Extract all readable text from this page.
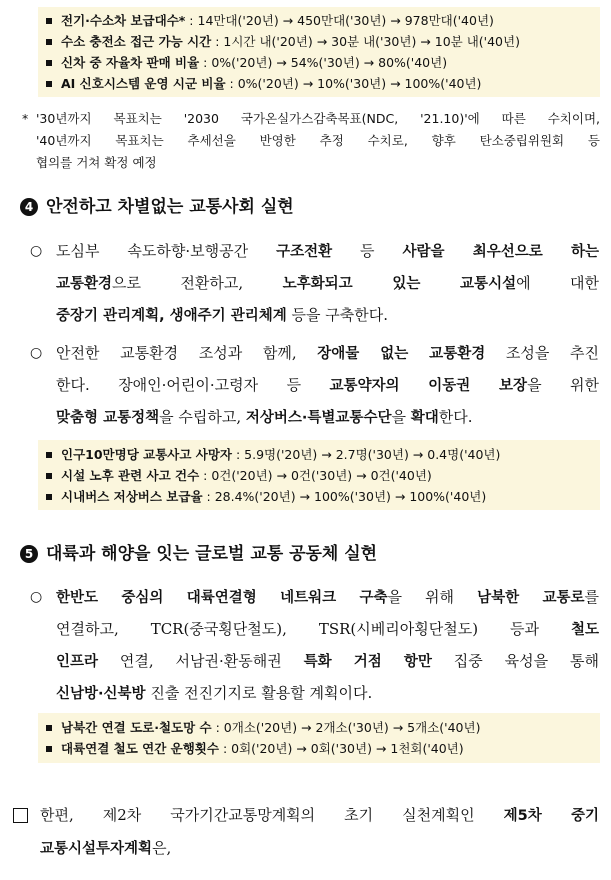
전기·수소차 보급대수* : 14만대('20년) → 450만대('30년) → 978만대('40년)
수소 충전소 접근 가능 시간 : 1시간 내('20년) → 30분 내('30년) → 10분 내('40년)
신차 중 자율차 판매 비율 : 0%('20년) → 54%('30년) → 80%('40년)
AI 신호시스템 운영 시군 비율 : 0%('20년) → 10%('30년) → 100%('40년)
* '30년까지 목표치는 '2030 국가온실가스감축목표(NDC, '21.10)'에 따른 수치이며,
'40년까지 목표치는 추세선을 반영한 추정 수치로, 향후 탄소중립위원회 등
협의를 거쳐 확정 예정
4 안전하고 차별없는 교통사회 실현
○ 도심부 속도하향·보행공간 구조전환 등 사람을 최우선으로 하는
교통환경으로 전환하고, 노후화되고 있는 교통시설에 대한
중장기 관리계획, 생애주기 관리체계 등을 구축한다.
○ 안전한 교통환경 조성과 함께, 장애물 없는 교통환경 조성을 추진
한다. 장애인·어린이·고령자 등 교통약자의 이동권 보장을 위한
맞춤형 교통정책을 수립하고, 저상버스·특별교통수단을 확대한다.
인구10만명당 교통사고 사망자 : 5.9명('20년) → 2.7명('30년) → 0.4명('40년)
시설 노후 관련 사고 건수 : 0건('20년) → 0건('30년) → 0건('40년)
시내버스 저상버스 보급율 : 28.4%('20년) → 100%('30년) → 100%('40년)
5 대륙과 해양을 잇는 글로벌 교통 공동체 실현
○ 한반도 중심의 대륙연결형 네트워크 구축을 위해 남북한 교통로를
연결하고, TCR(중국횡단철도), TSR(시베리아횡단철도) 등과 철도
인프라 연결, 서남권·환동해권 특화 거점 항만 집중 육성을 통해
신남방·신북방 진출 전진기지로 활용할 계획이다.
남북간 연결 도로·철도망 수 : 0개소('20년) → 2개소('30년) → 5개소('40년)
대륙연결 철도 연간 운행횟수 : 0회('20년) → 0회('30년) → 1천회('40년)
한편, 제2차 국가기간교통망계획의 초기 실천계획인 제5차 중기
교통시설투자계획은,
